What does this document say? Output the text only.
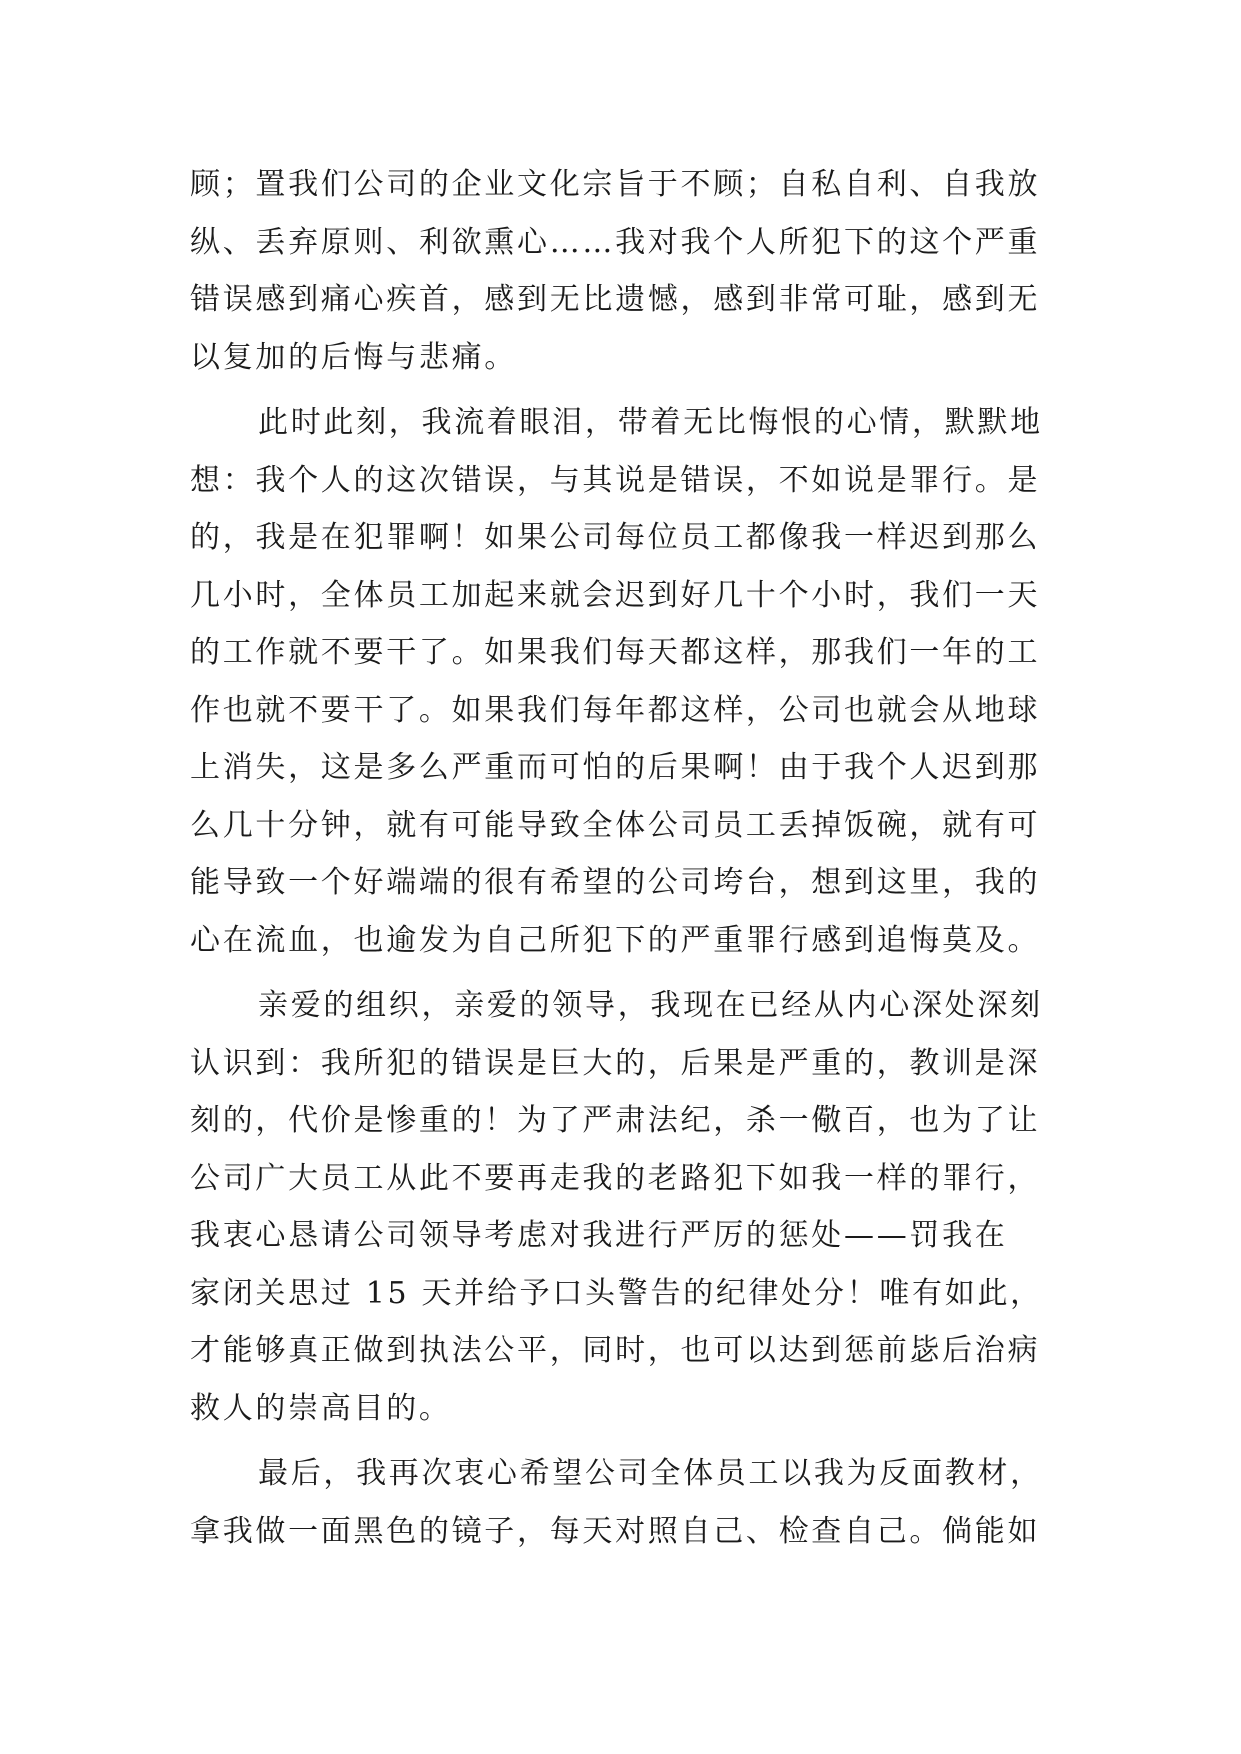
顾；置我们公司的企业文化宗旨于不顾；自私自利、自我放

纵、丢弃原则、利欲熏心……我对我个人所犯下的这个严重

错误感到痛心疾首，感到无比遗憾，感到非常可耻，感到无

以复加的后悔与悲痛。

此时此刻，我流着眼泪，带着无比悔恨的心情，默默地

想：我个人的这次错误，与其说是错误，不如说是罪行。是

的，我是在犯罪啊！如果公司每位员工都像我一样迟到那么

几小时，全体员工加起来就会迟到好几十个小时，我们一天

的工作就不要干了。如果我们每天都这样，那我们一年的工

作也就不要干了。如果我们每年都这样，公司也就会从地球

上消失，这是多么严重而可怕的后果啊！由于我个人迟到那

么几十分钟，就有可能导致全体公司员工丢掉饭碗，就有可

能导致一个好端端的很有希望的公司垮台，想到这里，我的

心在流血，也逾发为自己所犯下的严重罪行感到追悔莫及。

亲爱的组织，亲爱的领导，我现在已经从内心深处深刻

认识到：我所犯的错误是巨大的，后果是严重的，教训是深

刻的，代价是惨重的！为了严肃法纪，杀一儆百，也为了让

公司广大员工从此不要再走我的老路犯下如我一样的罪行，

我衷心恳请公司领导考虑对我进行严厉的惩处——罚我在

家闭关思过 15 天并给予口头警告的纪律处分！唯有如此，

才能够真正做到执法公平，同时，也可以达到惩前毖后治病

救人的崇高目的。

最后，我再次衷心希望公司全体员工以我为反面教材，

拿我做一面黑色的镜子，每天对照自己、检查自己。倘能如
